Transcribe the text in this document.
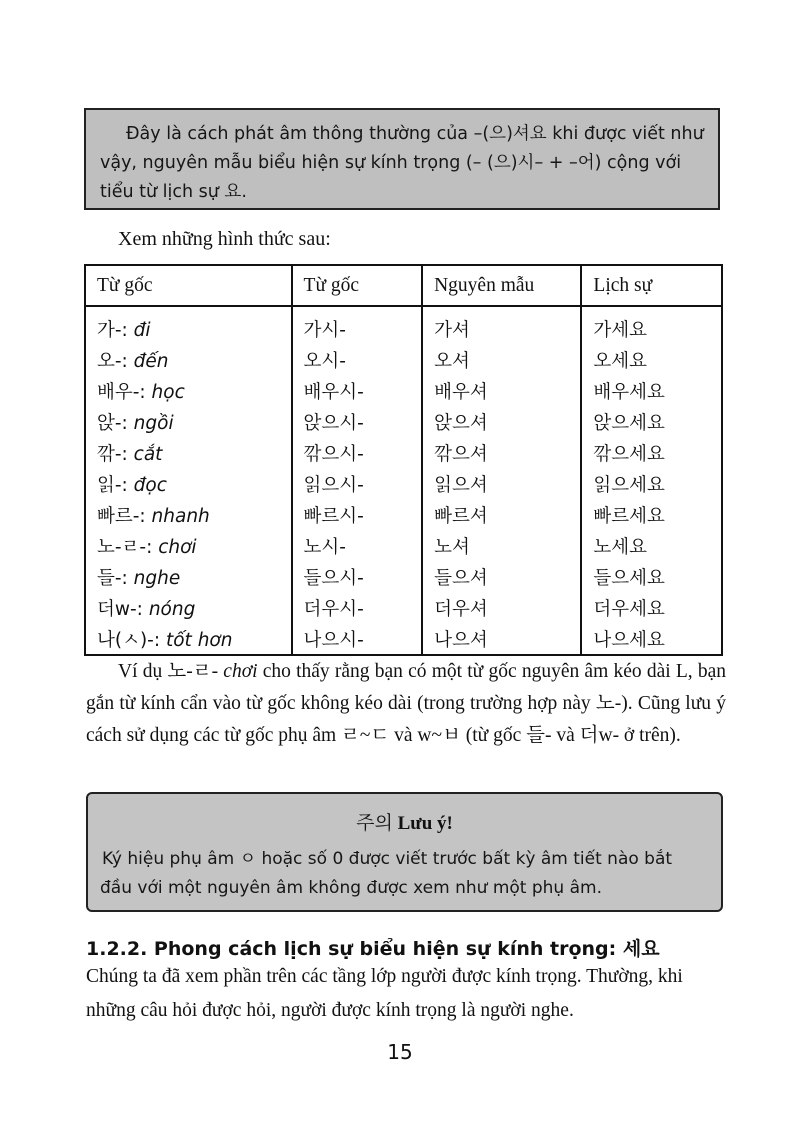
Đây là cách phát âm thông thường của –(으)셔요 khi được viết như vậy, nguyên mẫu biểu hiện sự kính trọng (– (으)시– + –어) cộng với tiểu từ lịch sự 요.

Xem những hình thức sau:
Từ gốc	Từ gốc	Nguyên mẫu	Lịch sự
가-: đi	가시-	가셔	가세요
오-: đến	오시-	오셔	오세요
배우-: học	배우시-	배우셔	배우세요
앉-: ngồi	앉으시-	앉으셔	앉으세요
깎-: cắt	깎으시-	깎으셔	깎으세요
읽-: đọc	읽으시-	읽으셔	읽으세요
빠르-: nhanh	빠르시-	빠르셔	빠르세요
노-ㄹ-: chơi	노시-	노셔	노세요
들-: nghe	들으시-	들으셔	들으세요
더w-: nóng	더우시-	더우셔	더우세요
나(ㅅ)-: tốt hơn	나으시-	나으셔	나으세요

Ví dụ 노-ㄹ- chơi cho thấy rằng bạn có một từ gốc nguyên âm kéo dài L, bạn gắn từ kính cẩn vào từ gốc không kéo dài (trong trường hợp này 노-). Cũng lưu ý cách sử dụng các từ gốc phụ âm ㄹ~ㄷ và w~ㅂ (từ gốc 들- và 더w- ở trên).

주의 Lưu ý!

Ký hiệu phụ âm ㅇ hoặc số 0 được viết trước bất kỳ âm tiết nào bắt đầu với một nguyên âm không được xem như một phụ âm.

1.2.2. Phong cách lịch sự biểu hiện sự kính trọng: 세요

Chúng ta đã xem phần trên các tầng lớp người được kính trọng. Thường, khi những câu hỏi được hỏi, người được kính trọng là người nghe.

15
